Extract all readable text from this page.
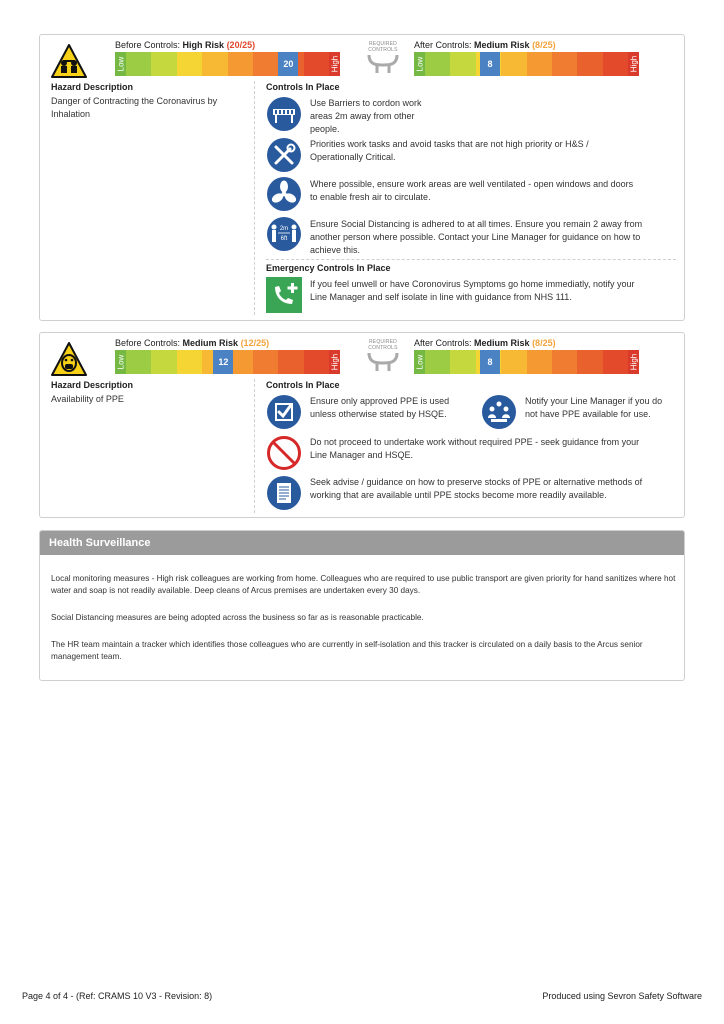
Before Controls: High Risk (20/25)
Low	High
20
REQUIRED CONTROLS	After Controls: Medium Risk (8/25)
Low	High
8
Hazard Description
Danger of Contracting the Coronavirus by Inhalation
Controls In Place
Use Barriers to cordon work areas 2m away from other people.
Priorities work tasks and avoid tasks that are not high priority or H&S / Operationally Critical.
Where possible, ensure work areas are well ventilated - open windows and doors to enable fresh air to circulate.
2m
6ft
Ensure Social Distancing is adhered to at all times. Ensure you remain 2 away from another person where possible. Contact your Line Manager for guidance on how to achieve this.
Emergency Controls In Place
If you feel unwell or have Coronovirus Symptoms go home immediatly, notify your Line Manager and self isolate in line with guidance from NHS 111.
Before Controls: Medium Risk (12/25)
Low	High
12
REQUIRED CONTROLS	After Controls: Medium Risk (8/25)
Low	High
8
Hazard Description
Availability of PPE
Controls In Place
Ensure only approved PPE is used unless otherwise stated by HSQE.
Notify your Line Manager if you do not have PPE available for use.
Do not proceed to undertake work without required PPE - seek guidance from your Line Manager and HSQE.
Seek advise / guidance on how to preserve stocks of PPE or alternative methods of working that are available until PPE stocks become more readily available.
Health Surveillance
Local monitoring measures - High risk colleagues are working from home. Colleagues who are required to use public transport are given priority for hand sanitizes where hot water and soap is not readily available. Deep cleans of Arcus premises are undertaken every 30 days.
Social Distancing measures are being adopted across the business so far as is reasonable practicable.
The HR team maintain a tracker which identifies those colleagues who are currently in self-isolation and this tracker is circulated on a daily basis to the Arcus senior management team.
Page 4 of 4 - (Ref: CRAMS 10 V3 - Revision: 8)	Produced using Sevron Safety Software
